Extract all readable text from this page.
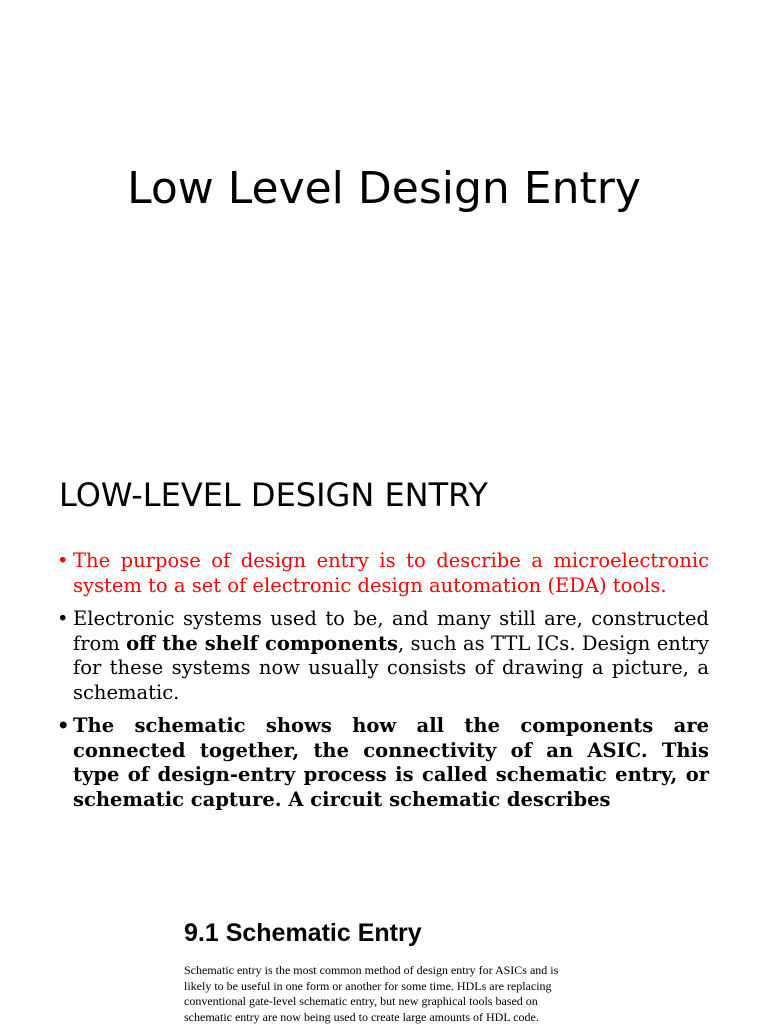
Low Level Design Entry
LOW-LEVEL DESIGN ENTRY
• The purpose of design entry is to describe a microelectronic system to a set of electronic design automation (EDA) tools.
• Electronic systems used to be, and many still are, constructed from off the shelf components, such as TTL ICs. Design entry for these systems now usually consists of drawing a picture, a schematic.
• The schematic shows how all the components are connected together, the connectivity of an ASIC. This type of design-entry process is called schematic entry, or schematic capture. A circuit schematic describes
9.1 Schematic Entry

Schematic entry is the most common method of design entry for ASICs and is likely to be useful in one form or another for some time. HDLs are replacing conventional gate-level schematic entry, but new graphical tools based on schematic entry are now being used to create large amounts of HDL code.
